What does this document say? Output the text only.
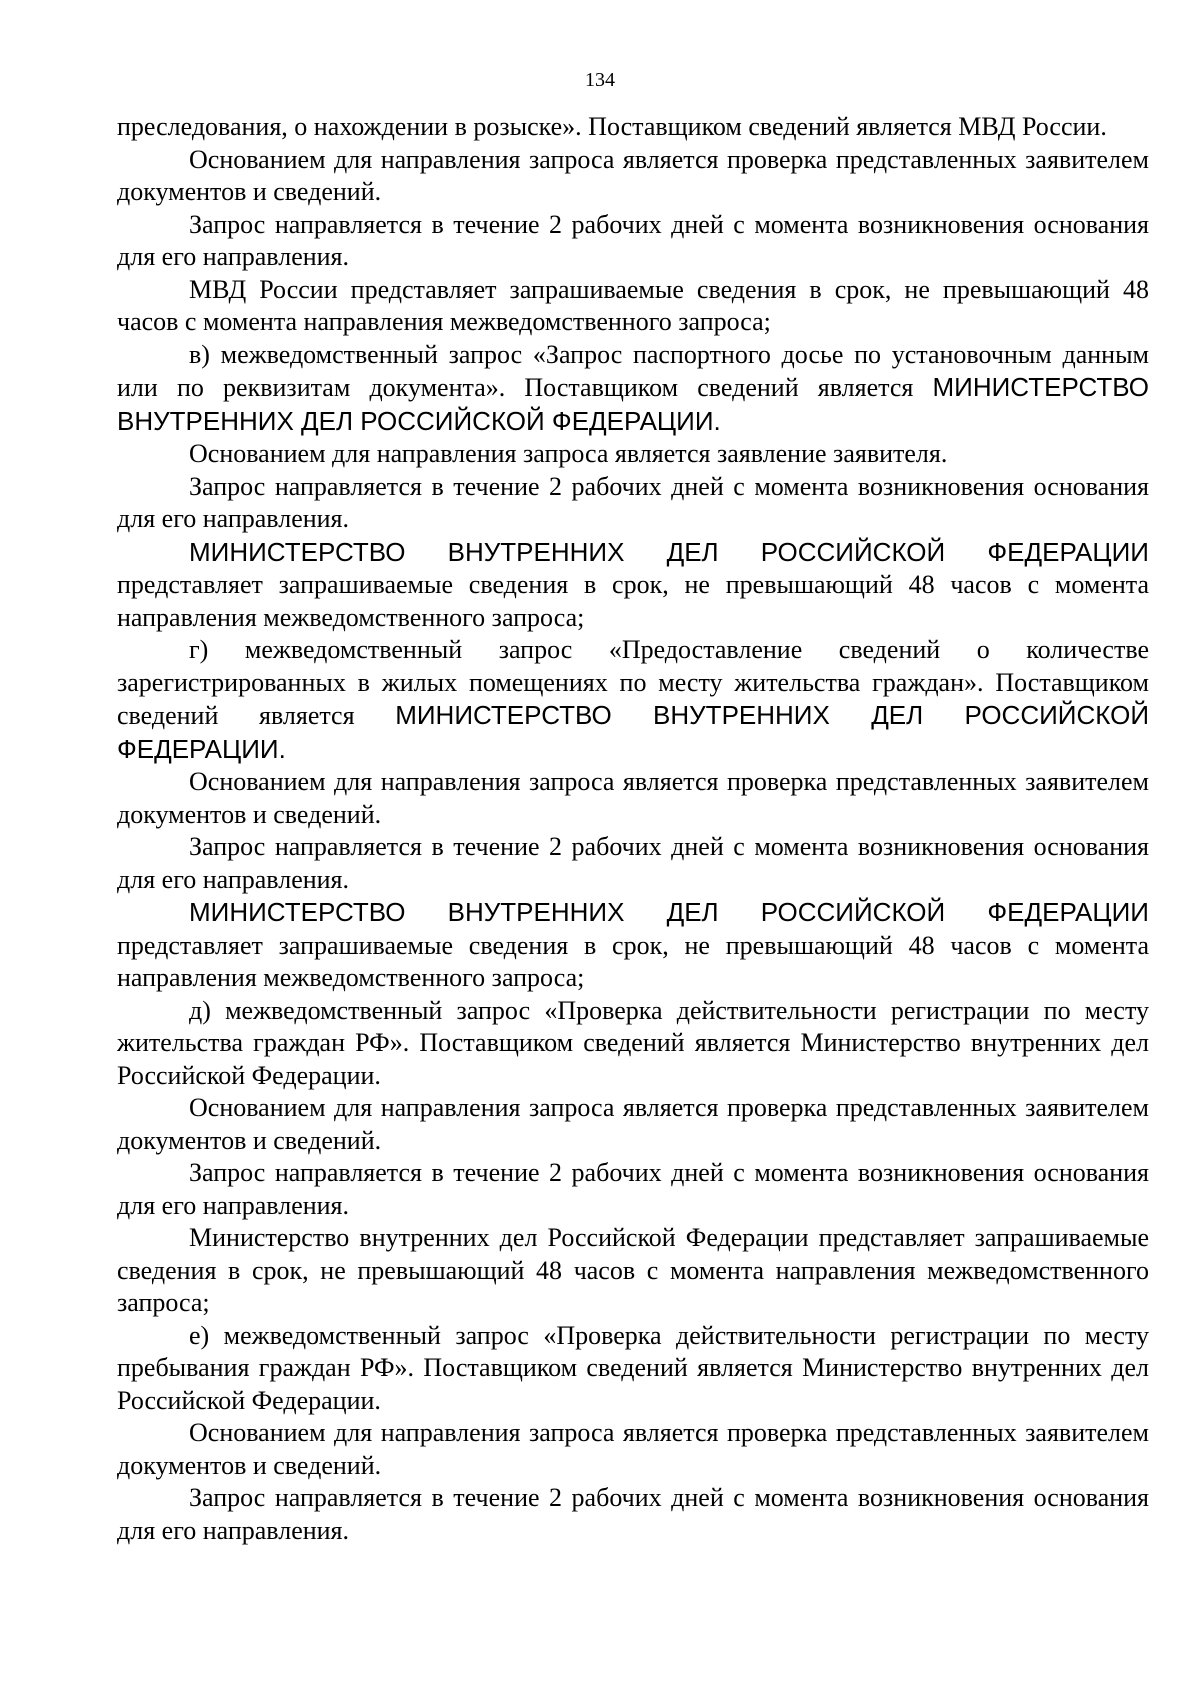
134

преследования, о нахождении в розыске». Поставщиком сведений является МВД России.

Основанием для направления запроса является проверка представленных заявителем документов и сведений.

Запрос направляется в течение 2 рабочих дней с момента возникновения основания для его направления.

МВД России представляет запрашиваемые сведения в срок, не превышающий 48 часов с момента направления межведомственного запроса;

в) межведомственный запрос «Запрос паспортного досье по установочным данным или по реквизитам документа». Поставщиком сведений является МИНИСТЕРСТВО ВНУТРЕННИХ ДЕЛ РОССИЙСКОЙ ФЕДЕРАЦИИ.

Основанием для направления запроса является заявление заявителя.

Запрос направляется в течение 2 рабочих дней с момента возникновения основания для его направления.

МИНИСТЕРСТВО ВНУТРЕННИХ ДЕЛ РОССИЙСКОЙ ФЕДЕРАЦИИ представляет запрашиваемые сведения в срок, не превышающий 48 часов с момента направления межведомственного запроса;

г) межведомственный запрос «Предоставление сведений о количестве зарегистрированных в жилых помещениях по месту жительства граждан». Поставщиком сведений является МИНИСТЕРСТВО ВНУТРЕННИХ ДЕЛ РОССИЙСКОЙ ФЕДЕРАЦИИ.

Основанием для направления запроса является проверка представленных заявителем документов и сведений.

Запрос направляется в течение 2 рабочих дней с момента возникновения основания для его направления.

МИНИСТЕРСТВО ВНУТРЕННИХ ДЕЛ РОССИЙСКОЙ ФЕДЕРАЦИИ представляет запрашиваемые сведения в срок, не превышающий 48 часов с момента направления межведомственного запроса;

д) межведомственный запрос «Проверка действительности регистрации по месту жительства граждан РФ». Поставщиком сведений является Министерство внутренних дел Российской Федерации.

Основанием для направления запроса является проверка представленных заявителем документов и сведений.

Запрос направляется в течение 2 рабочих дней с момента возникновения основания для его направления.

Министерство внутренних дел Российской Федерации представляет запрашиваемые сведения в срок, не превышающий 48 часов с момента направления межведомственного запроса;

е) межведомственный запрос «Проверка действительности регистрации по месту пребывания граждан РФ». Поставщиком сведений является Министерство внутренних дел Российской Федерации.

Основанием для направления запроса является проверка представленных заявителем документов и сведений.

Запрос направляется в течение 2 рабочих дней с момента возникновения основания для его направления.
